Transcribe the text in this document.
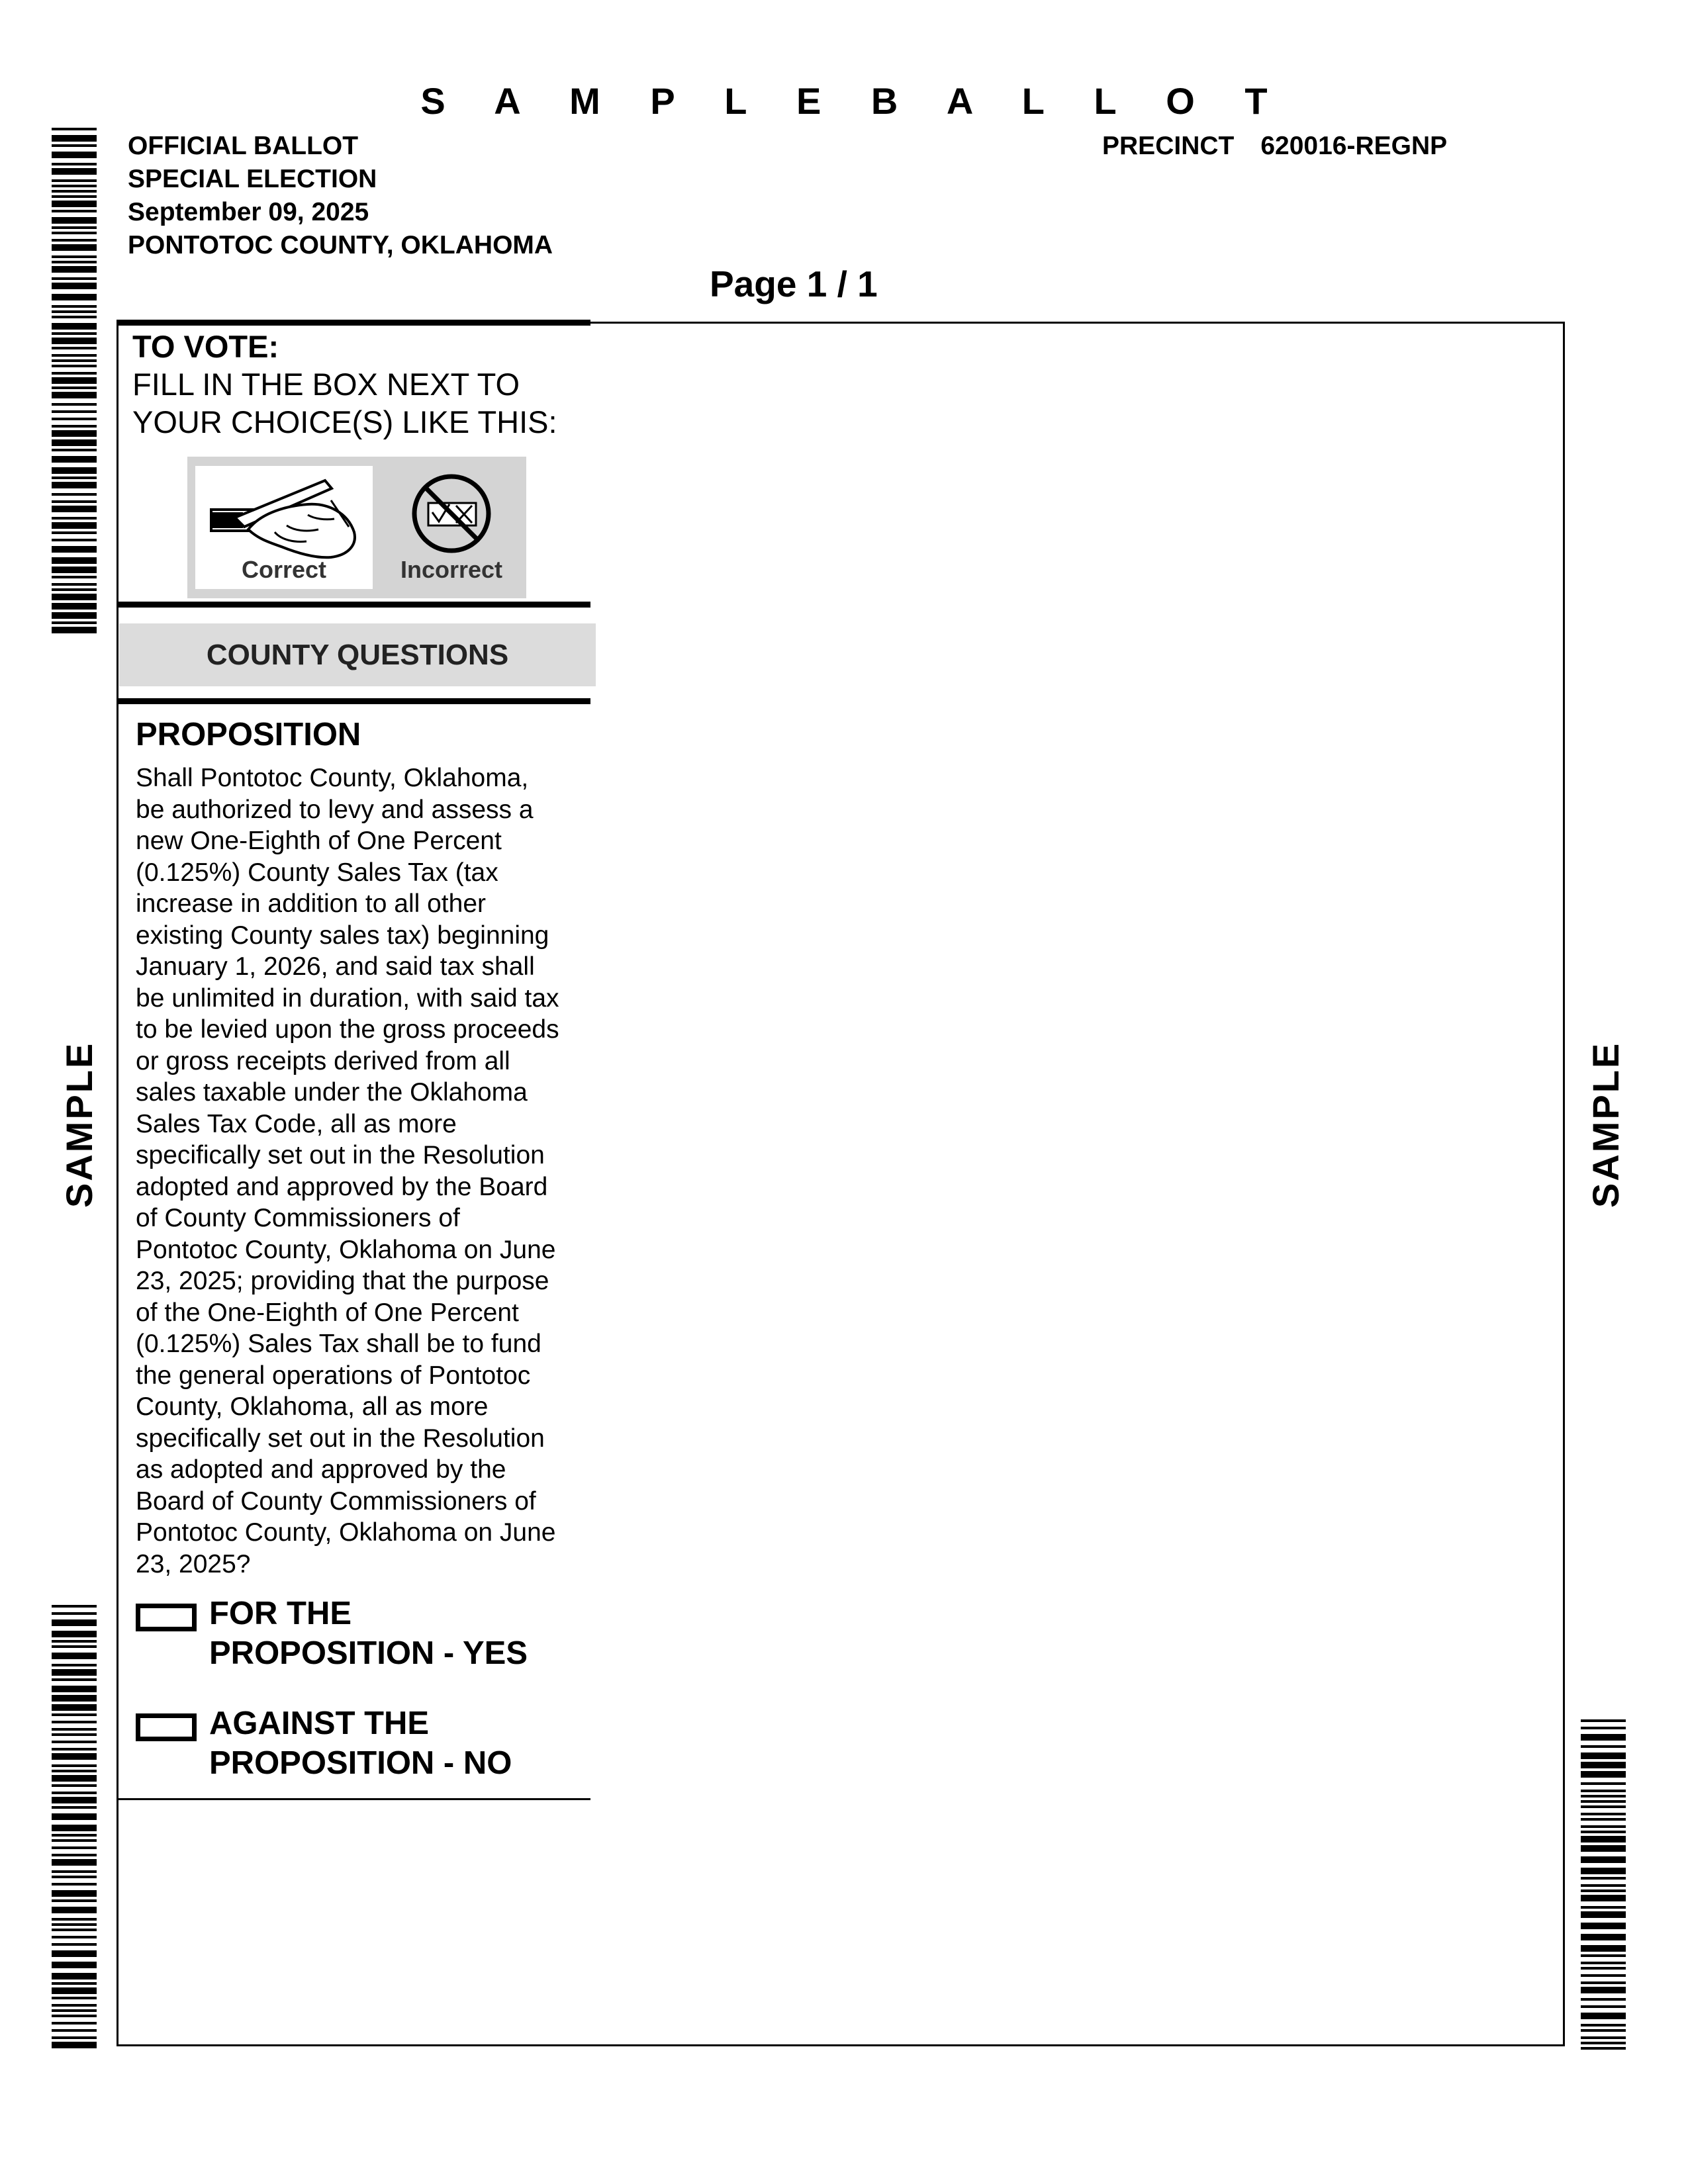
S A M P L E B A L L O T
OFFICIAL BALLOT
SPECIAL ELECTION
September 09, 2025
PONTOTOC COUNTY, OKLAHOMA
PRECINCT 620016-REGNP
Page 1 / 1
TO VOTE:
FILL IN THE BOX NEXT TO
YOUR CHOICE(S) LIKE THIS:
Correct	Incorrect
COUNTY QUESTIONS
PROPOSITION
Shall Pontotoc County, Oklahoma,
be authorized to levy and assess a
new One-Eighth of One Percent
(0.125%) County Sales Tax (tax
increase in addition to all other
existing County sales tax) beginning
January 1, 2026, and said tax shall
be unlimited in duration, with said tax
to be levied upon the gross proceeds
or gross receipts derived from all
sales taxable under the Oklahoma
Sales Tax Code, all as more
specifically set out in the Resolution
adopted and approved by the Board
of County Commissioners of
Pontotoc County, Oklahoma on June
23, 2025; providing that the purpose
of the One-Eighth of One Percent
(0.125%) Sales Tax shall be to fund
the general operations of Pontotoc
County, Oklahoma, all as more
specifically set out in the Resolution
as adopted and approved by the
Board of County Commissioners of
Pontotoc County, Oklahoma on June
23, 2025?
FOR THE
PROPOSITION - YES
AGAINST THE
PROPOSITION - NO
SAMPLE	SAMPLE
